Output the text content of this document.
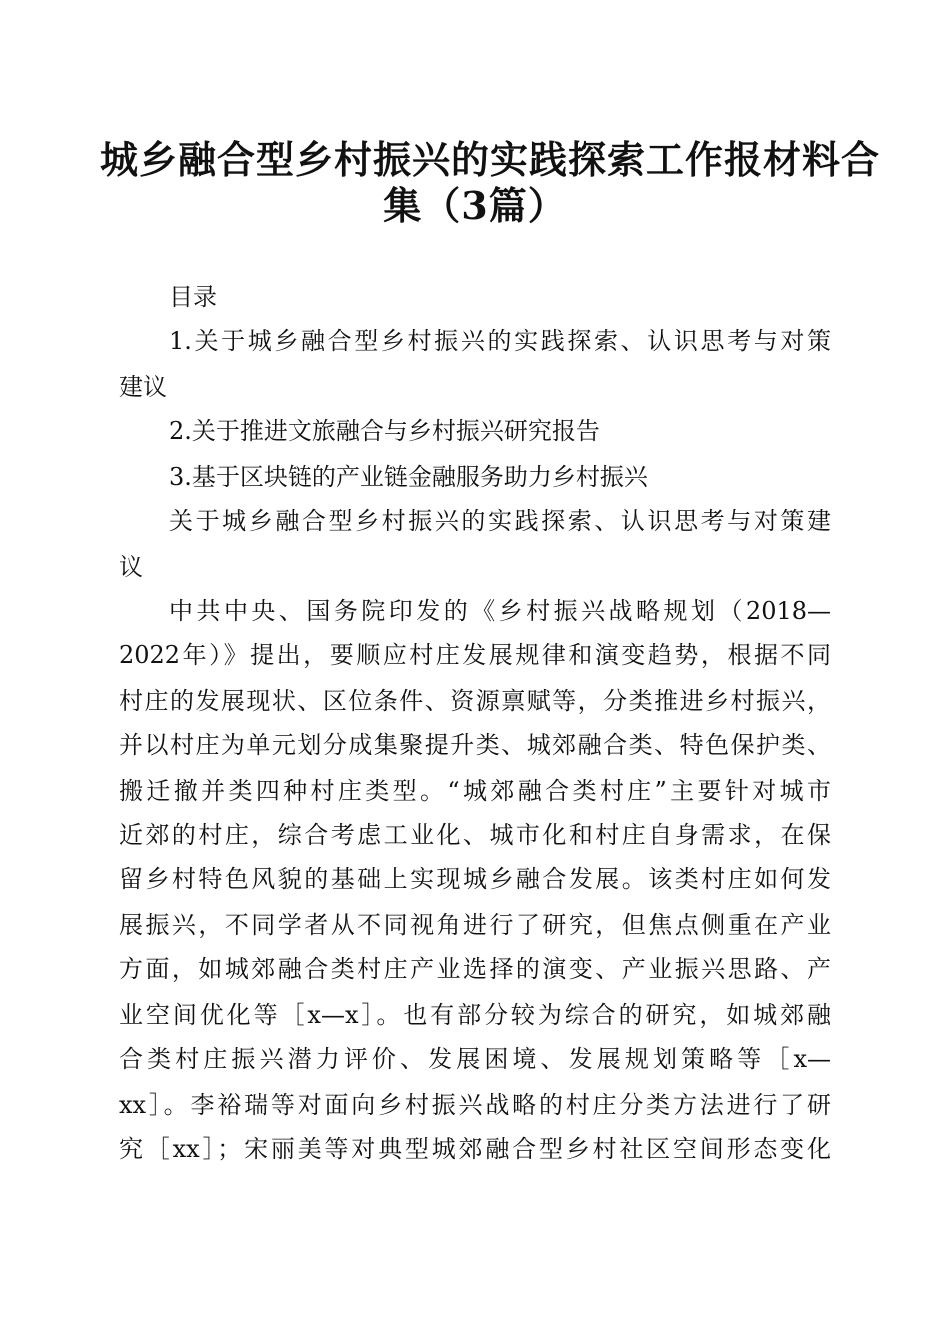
城乡融合型乡村振兴的实践探索工作报材料合
集（3篇）

目录

1.关于城乡融合型乡村振兴的实践探索、认识思考与对策

建议

2.关于推进文旅融合与乡村振兴研究报告

3.基于区块链的产业链金融服务助力乡村振兴

关于城乡融合型乡村振兴的实践探索、认识思考与对策建

议

中共中央、国务院印发的《乡村振兴战略规划（2018—

2022年）》提出，要顺应村庄发展规律和演变趋势，根据不同

村庄的发展现状、区位条件、资源禀赋等，分类推进乡村振兴，

并以村庄为单元划分成集聚提升类、城郊融合类、特色保护类、

搬迁撤并类四种村庄类型。“城郊融合类村庄”主要针对城市

近郊的村庄，综合考虑工业化、城市化和村庄自身需求，在保

留乡村特色风貌的基础上实现城乡融合发展。该类村庄如何发

展振兴，不同学者从不同视角进行了研究，但焦点侧重在产业

方面，如城郊融合类村庄产业选择的演变、产业振兴思路、产

业空间优化等［x—x］。也有部分较为综合的研究，如城郊融

合类村庄振兴潜力评价、发展困境、发展规划策略等［x—

xx］。李裕瑞等对面向乡村振兴战略的村庄分类方法进行了研

究［xx］；宋丽美等对典型城郊融合型乡村社区空间形态变化
